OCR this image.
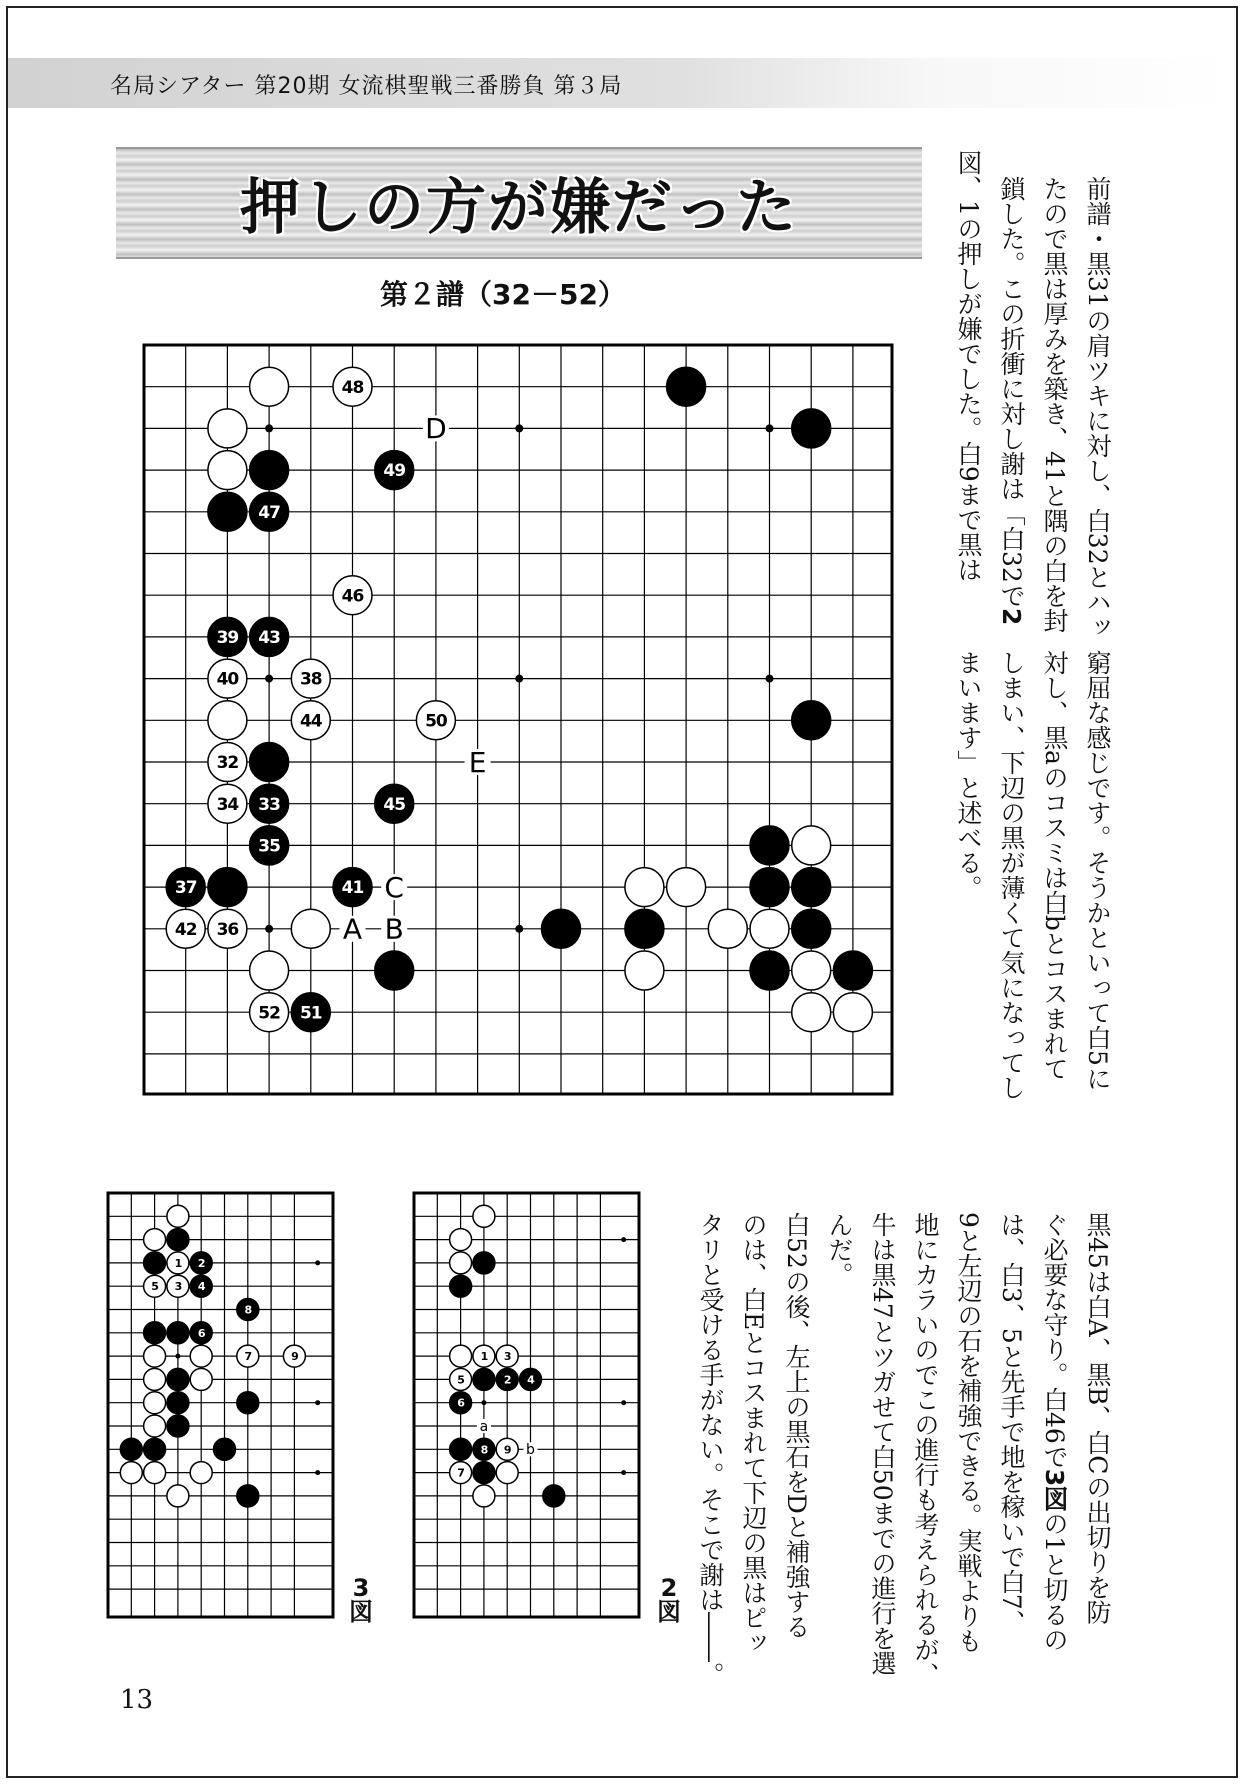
名局シアター 第20期 女流棋聖戦三番勝負 第３局
押しの方が嫌だった
第２譜（32－52）
48
46
40	38
44	50
32
34
42 36
52
49
47
39 43
33	45
37	41
51
35
D
E
C
A B
1
5 3
7	9
2
4
8
6
1 3
5
9
7
2 4
6
8
a
b
3
図
2
図
前譜・黒31の肩ツキに対し、白32とハッ
たので黒は厚みを築き、41と隅の白を封
鎖した。この折衝に対し謝は「白32で2
図、1の押しが嫌でした。白9まで黒は
窮屈な感じです。そうかといって白5に
対し、黒aのコスミは白bとコスまれて
しまい、下辺の黒が薄くて気になってし
まいます」と述べる。
黒45は白A、黒B、白Cの出切りを防
ぐ必要な守り。白46で3図の1と切るの
は、白3、5と先手で地を稼いで白7、
9と左辺の石を補強できる。実戦よりも
地にカラいのでこの進行も考えられるが、
牛は黒47とツガせて白50までの進行を選
んだ。
白52の後、左上の黒石をDと補強する
のは、白Eとコスまれて下辺の黒はピッ
タリと受ける手がない。そこで謝は――。
13
